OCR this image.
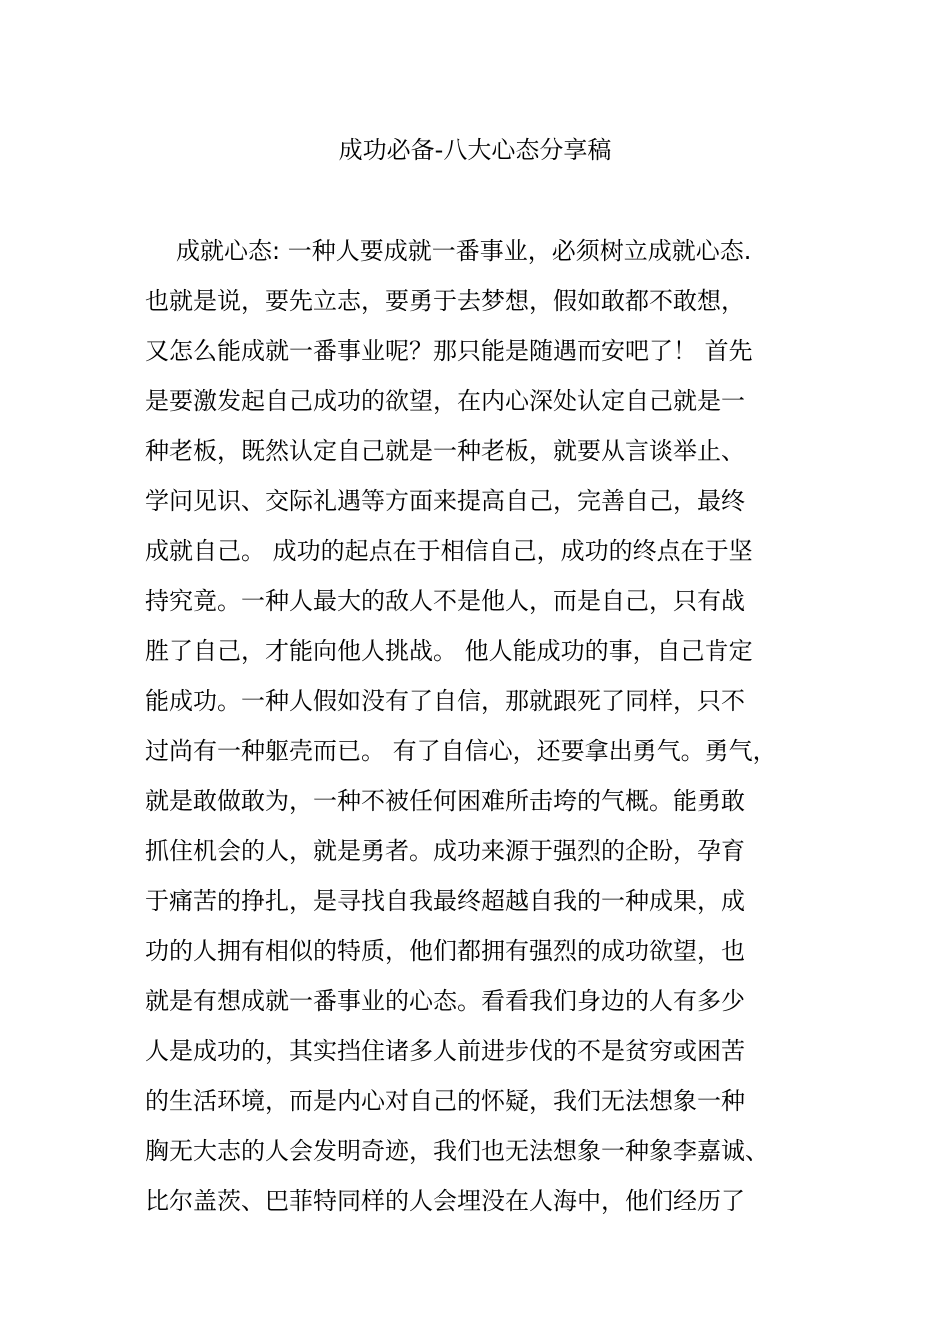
成功必备-八大心态分享稿
成就心态: 一种人要成就一番事业，必须树立成就心态.
也就是说，要先立志，要勇于去梦想，假如敢都不敢想，
又怎么能成就一番事业呢？那只能是随遇而安吧了！ 首先
是要激发起自己成功的欲望，在内心深处认定自己就是一
种老板，既然认定自己就是一种老板，就要从言谈举止、
学问见识、交际礼遇等方面来提高自己，完善自己，最终
成就自己。 成功的起点在于相信自己，成功的终点在于坚
持究竟。一种人最大的敌人不是他人，而是自己，只有战
胜了自己，才能向他人挑战。 他人能成功的事，自己肯定
能成功。一种人假如没有了自信，那就跟死了同样，只不
过尚有一种躯壳而已。 有了自信心，还要拿出勇气。勇气，
就是敢做敢为，一种不被任何困难所击垮的气概。能勇敢
抓住机会的人，就是勇者。成功来源于强烈的企盼，孕育
于痛苦的挣扎，是寻找自我最终超越自我的一种成果，成
功的人拥有相似的特质，他们都拥有强烈的成功欲望，也
就是有想成就一番事业的心态。看看我们身边的人有多少
人是成功的，其实挡住诸多人前进步伐的不是贫穷或困苦
的生活环境，而是内心对自己的怀疑，我们无法想象一种
胸无大志的人会发明奇迹，我们也无法想象一种象李嘉诚、
比尔盖茨、巴菲特同样的人会埋没在人海中，他们经历了
